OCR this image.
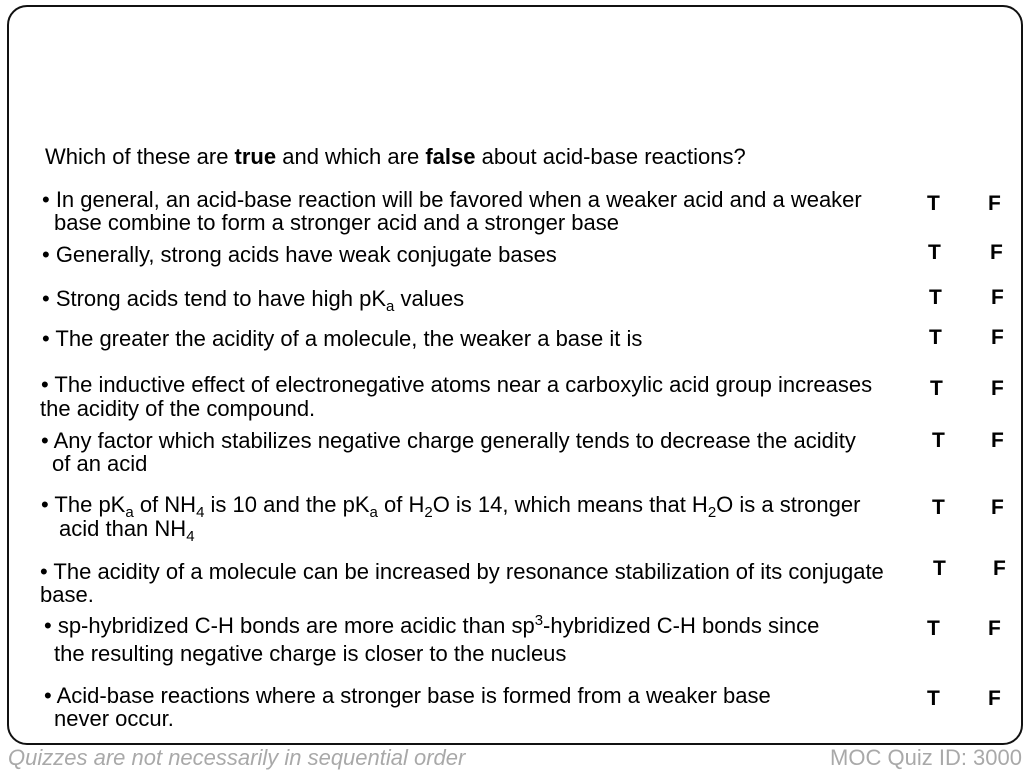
Which of these are true and which are false about acid-base reactions?
• In general, an acid-base reaction will be favored when a weaker acid and a weaker
base combine to form a stronger acid and a stronger base
T F
• Generally, strong acids have weak conjugate bases	T F
• Strong acids tend to have high $pK_a$ values	T F
• The greater the acidity of a molecule, the weaker a base it is	T F
• The inductive effect of electronegative atoms near a carboxylic acid group increases
the acidity of the compound.
T F
• Any factor which stabilizes negative charge generally tends to decrease the acidity
of an acid
T F
• The $pK_a$ of $NH_4$ is 10 and the $pK_a$ of $H_2O$ is 14, which means that $H_2O$ is a stronger
acid than $NH_4$
T F
• The acidity of a molecule can be increased by resonance stabilization of its conjugate
base.
T F
• sp-hybridized C-H bonds are more acidic than $sp^3$-hybridized C-H bonds since
the resulting negative charge is closer to the nucleus
T F
• Acid-base reactions where a stronger base is formed from a weaker base
never occur.
T F
Quizzes are not necessarily in sequential order	MOC Quiz ID: 3000
